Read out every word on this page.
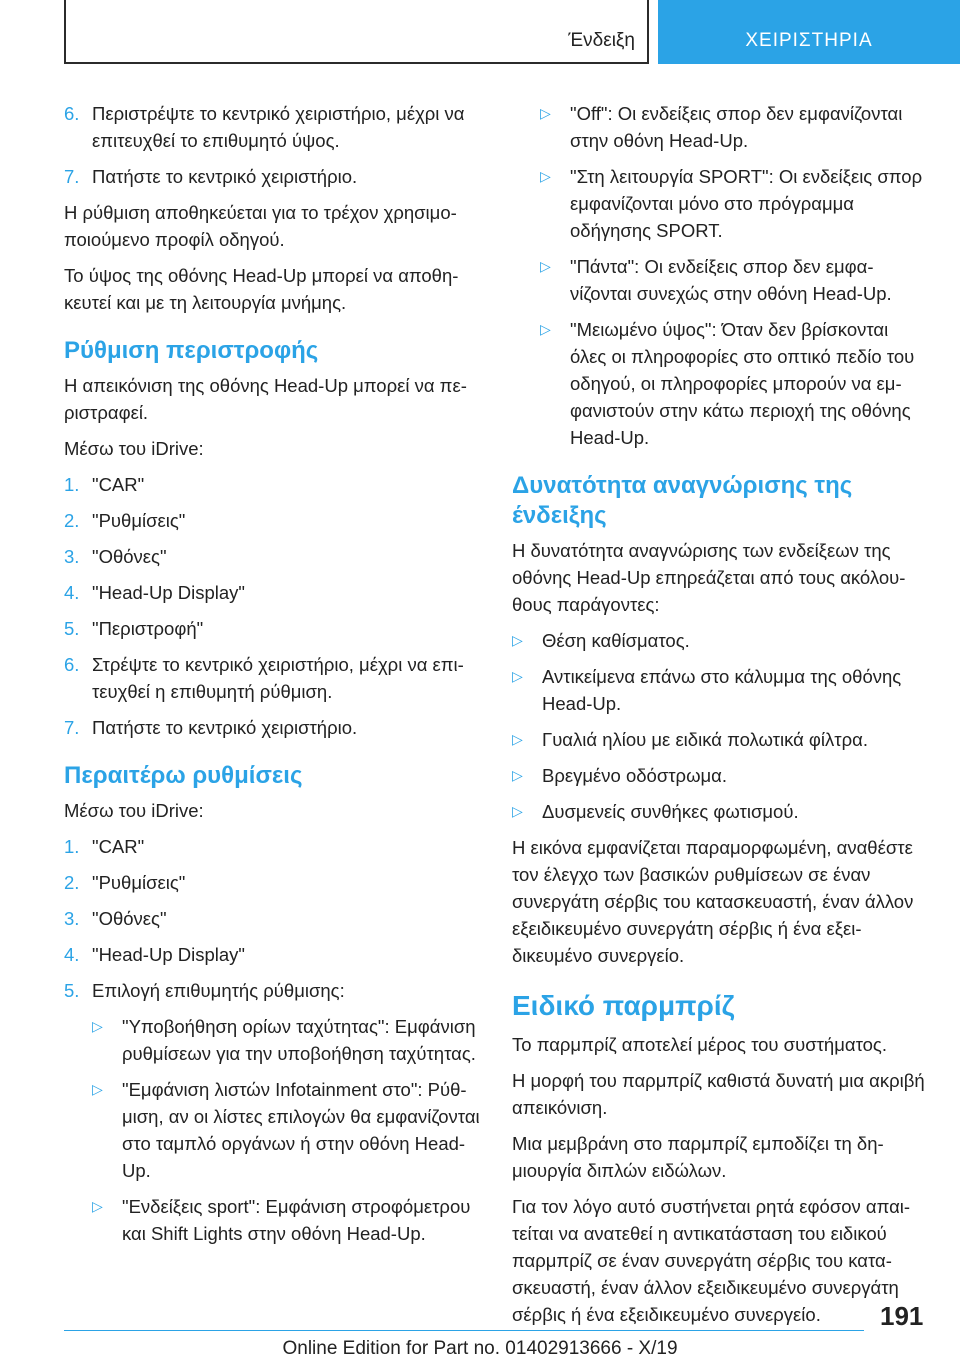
Ένδειξη	ΧΕΙΡΙΣΤΗΡΙΑ
6. Περιστρέψτε το κεντρικό χειριστήριο, μέχρι να επιτευχθεί το επιθυμητό ύψος.
7. Πατήστε το κεντρικό χειριστήριο.

Η ρύθμιση αποθηκεύεται για το τρέχον χρησιμοποιούμενο προφίλ οδηγού.

Το ύψος της οθόνης Head-Up μπορεί να αποθηκευτεί και με τη λειτουργία μνήμης.

Ρύθμιση περιστροφής

Η απεικόνιση της οθόνης Head-Up μπορεί να περιστραφεί.

Μέσω του iDrive:

1. "CAR"
2. "Ρυθμίσεις"
3. "Οθόνες"
4. "Head-Up Display"
5. "Περιστροφή"
6. Στρέψτε το κεντρικό χειριστήριο, μέχρι να επιτευχθεί η επιθυμητή ρύθμιση.
7. Πατήστε το κεντρικό χειριστήριο.
Περαιτέρω ρυθμίσεις

Μέσω του iDrive:

1. "CAR"
2. "Ρυθμίσεις"
3. "Οθόνες"
4. "Head-Up Display"
5. Επιλογή επιθυμητής ρύθμισης:
▷	"Υποβοήθηση ορίων ταχύτητας": Εμφάνιση ρυθμίσεων για την υποβοήθηση ταχύτητας.
▷	"Εμφάνιση λιστών Infotainment στο": Ρύθμιση, αν οι λίστες επιλογών θα εμφανίζονται στο ταμπλό οργάνων ή στην οθόνη Head-Up.
▷	"Ενδείξεις sport": Εμφάνιση στροφόμετρου και Shift Lights στην οθόνη Head-Up.
▷	"Off": Οι ενδείξεις σπορ δεν εμφανίζονται στην οθόνη Head-Up.
▷	"Στη λειτουργία SPORT": Οι ενδείξεις σπορ εμφανίζονται μόνο στο πρόγραμμα οδήγησης SPORT.
▷	"Πάντα": Οι ενδείξεις σπορ δεν εμφανίζονται συνεχώς στην οθόνη Head-Up.
▷	"Μειωμένο ύψος": Όταν δεν βρίσκονται όλες οι πληροφορίες στο οπτικό πεδίο του οδηγού, οι πληροφορίες μπορούν να εμφανιστούν στην κάτω περιοχή της οθόνης Head-Up.
Δυνατότητα αναγνώρισης της ένδειξης

Η δυνατότητα αναγνώρισης των ενδείξεων της οθόνης Head-Up επηρεάζεται από τους ακόλουθους παράγοντες:

▷	Θέση καθίσματος.
▷	Αντικείμενα επάνω στο κάλυμμα της οθόνης Head-Up.
▷	Γυαλιά ηλίου με ειδικά πολωτικά φίλτρα.
▷	Βρεγμένο οδόστρωμα.
▷	Δυσμενείς συνθήκες φωτισμού.

Η εικόνα εμφανίζεται παραμορφωμένη, αναθέστε τον έλεγχο των βασικών ρυθμίσεων σε έναν συνεργάτη σέρβις του κατασκευαστή, έναν άλλον εξειδικευμένο συνεργάτη σέρβις ή ένα εξειδικευμένο συνεργείο.

Ειδικό παρμπρίζ

Το παρμπρίζ αποτελεί μέρος του συστήματος.

Η μορφή του παρμπρίζ καθιστά δυνατή μια ακριβή απεικόνιση.

Μια μεμβράνη στο παρμπρίζ εμποδίζει τη δημιουργία διπλών ειδώλων.

Για τον λόγο αυτό συστήνεται ρητά εφόσον απαιτείται να ανατεθεί η αντικατάσταση του ειδικού παρμπρίζ σε έναν συνεργάτη σέρβις του κατασκευαστή, έναν άλλον εξειδικευμένο συνεργάτη σέρβις ή ένα εξειδικευμένο συνεργείο.	191
Online Edition for Part no. 01402913666 - X/19
